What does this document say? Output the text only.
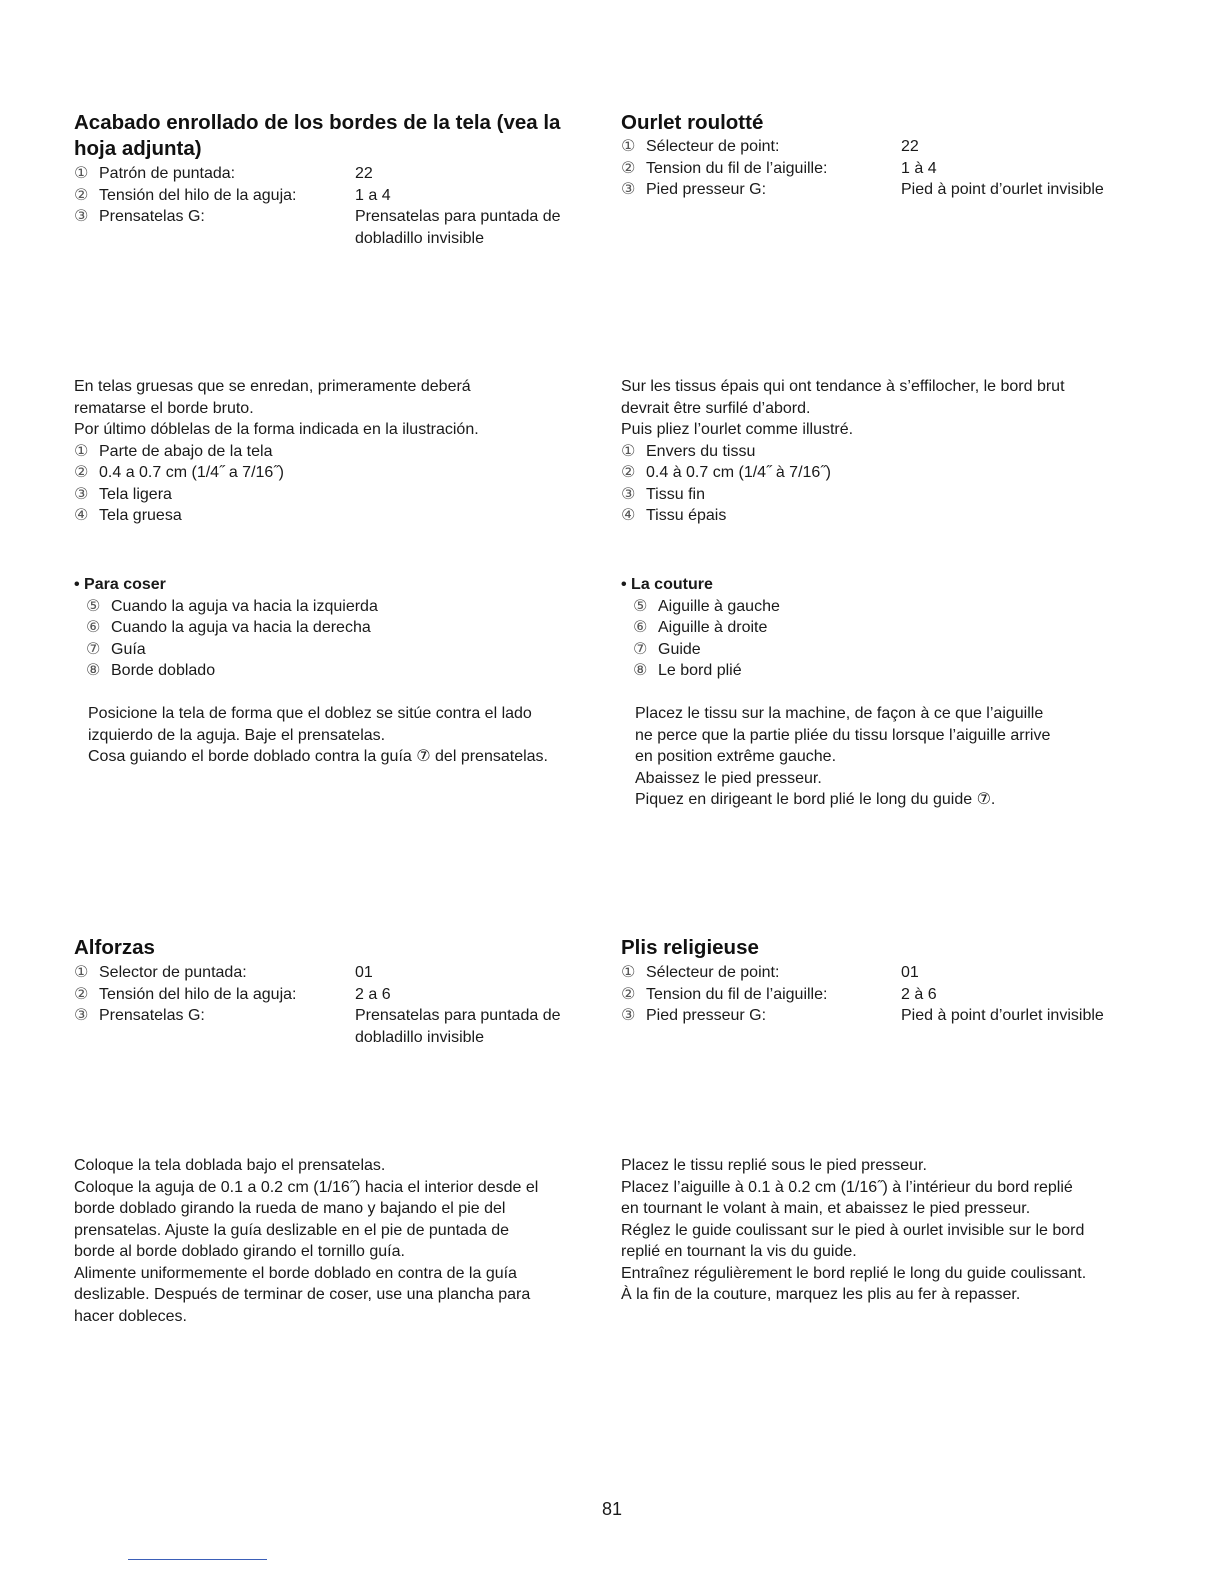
Acabado enrollado de los bordes de la tela (vea la
hoja adjunta)
① Patrón de puntada:	22
② Tensión del hilo de la aguja:	1 a 4
③ Prensatelas G:	Prensatelas para puntada de
dobladillo invisible
En telas gruesas que se enredan, primeramente deberá
rematarse el borde bruto.
Por último dóblelas de la forma indicada en la ilustración.
① Parte de abajo de la tela
② 0.4 a 0.7 cm (1/4˝ a 7/16˝)
③ Tela ligera
④ Tela gruesa
• Para coser
⑤ Cuando la aguja va hacia la izquierda
⑥ Cuando la aguja va hacia la derecha
⑦ Guía
⑧ Borde doblado
Posicione la tela de forma que el doblez se sitúe contra el lado
izquierdo de la aguja. Baje el prensatelas.
Cosa guiando el borde doblado contra la guía ⑦ del prensatelas.
Alforzas
① Selector de puntada:	01
② Tensión del hilo de la aguja:	2 a 6
③ Prensatelas G:	Prensatelas para puntada de
dobladillo invisible
Coloque la tela doblada bajo el prensatelas.
Coloque la aguja de 0.1 a 0.2 cm (1/16˝) hacia el interior desde el
borde doblado girando la rueda de mano y bajando el pie del
prensatelas. Ajuste la guía deslizable en el pie de puntada de
borde al borde doblado girando el tornillo guía.
Alimente uniformemente el borde doblado en contra de la guía
deslizable. Después de terminar de coser, use una plancha para
hacer dobleces.
Ourlet roulotté
① Sélecteur de point:	22
② Tension du fil de l’aiguille:	1 à 4
③ Pied presseur G:	Pied à point d’ourlet invisible
Sur les tissus épais qui ont tendance à s’effilocher, le bord brut
devrait être surfilé d’abord.
Puis pliez l’ourlet comme illustré.
① Envers du tissu
② 0.4 à 0.7 cm (1/4˝ à 7/16˝)
③ Tissu fin
④ Tissu épais
• La couture
⑤ Aiguille à gauche
⑥ Aiguille à droite
⑦ Guide
⑧ Le bord plié
Placez le tissu sur la machine, de façon à ce que l’aiguille
ne perce que la partie pliée du tissu lorsque l’aiguille arrive
en position extrême gauche.
Abaissez le pied presseur.
Piquez en dirigeant le bord plié le long du guide ⑦.
Plis religieuse
① Sélecteur de point:	01
② Tension du fil de l’aiguille:	2 à 6
③ Pied presseur G:	Pied à point d’ourlet invisible
Placez le tissu replié sous le pied presseur.
Placez l’aiguille à 0.1 à 0.2 cm (1/16˝) à l’intérieur du bord replié
en tournant le volant à main, et abaissez le pied presseur.
Réglez le guide coulissant sur le pied à ourlet invisible sur le bord
replié en tournant la vis du guide.
Entraînez régulièrement le bord replié le long du guide coulissant.
À la fin de la couture, marquez les plis au fer à repasser.
81
